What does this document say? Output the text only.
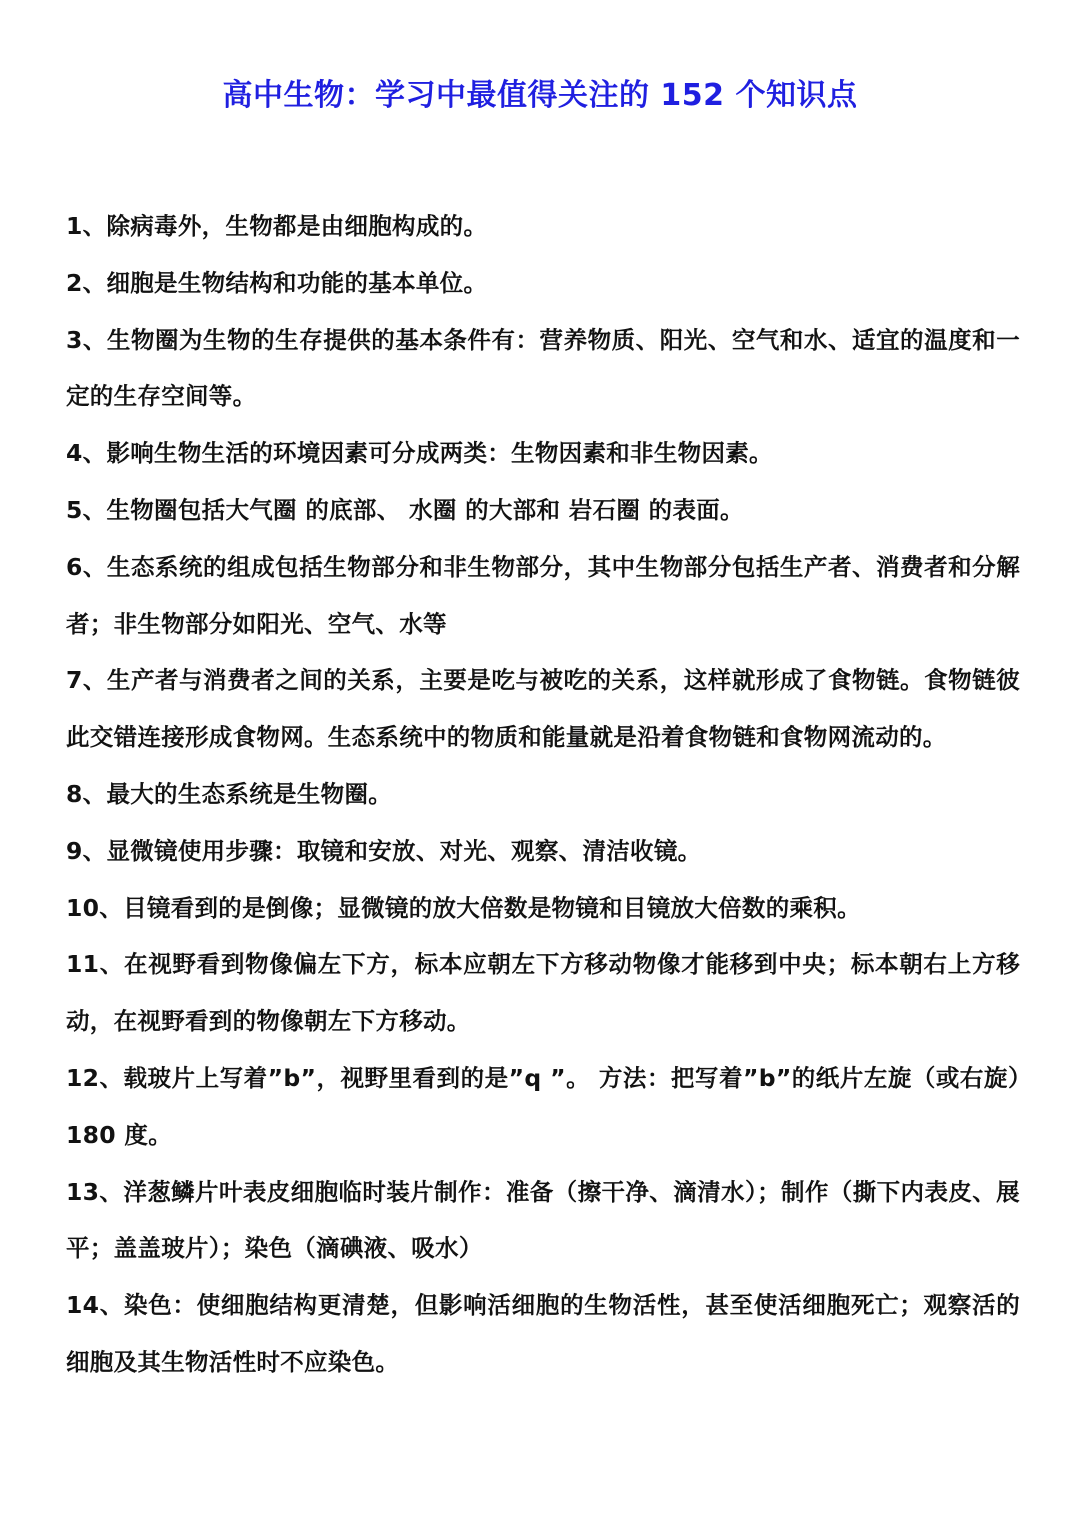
高中生物：学习中最值得关注的 152 个知识点

1、除病毒外，生物都是由细胞构成的。

2、细胞是生物结构和功能的基本单位。

3、生物圈为生物的生存提供的基本条件有：营养物质、阳光、空气和水、适宜的温度和一定的生存空间等。

4、影响生物生活的环境因素可分成两类：生物因素和非生物因素。

5、生物圈包括大气圈 的底部、 水圈 的大部和 岩石圈 的表面。

6、生态系统的组成包括生物部分和非生物部分，其中生物部分包括生产者、消费者和分解者；非生物部分如阳光、空气、水等

7、生产者与消费者之间的关系，主要是吃与被吃的关系，这样就形成了食物链。食物链彼此交错连接形成食物网。生态系统中的物质和能量就是沿着食物链和食物网流动的。

8、最大的生态系统是生物圈。

9、显微镜使用步骤：取镜和安放、对光、观察、清洁收镜。

10、目镜看到的是倒像；显微镜的放大倍数是物镜和目镜放大倍数的乘积。

11、在视野看到物像偏左下方，标本应朝左下方移动物像才能移到中央；标本朝右上方移动，在视野看到的物像朝左下方移动。

12、载玻片上写着”b”，视野里看到的是”q ”。 方法：把写着”b”的纸片左旋（或右旋）180 度。

13、洋葱鳞片叶表皮细胞临时装片制作：准备（擦干净、滴清水）；制作（撕下内表皮、展平；盖盖玻片）；染色（滴碘液、吸水）

14、染色：使细胞结构更清楚，但影响活细胞的生物活性，甚至使活细胞死亡；观察活的细胞及其生物活性时不应染色。
